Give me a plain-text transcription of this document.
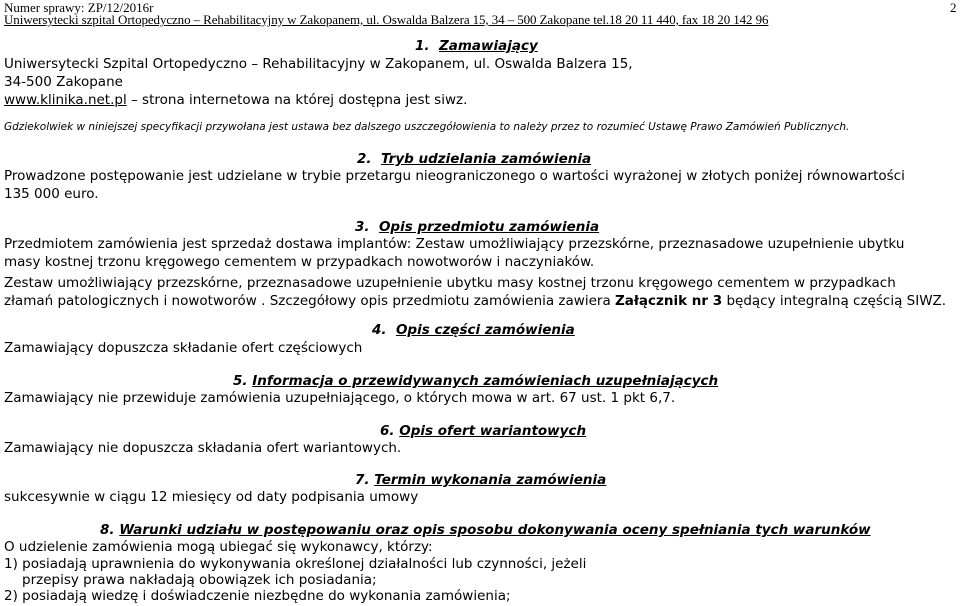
Numer sprawy: ZP/12/2016r	2
Uniwersytecki szpital Ortopedyczno – Rehabilitacyjny w Zakopanem, ul. Oswalda Balzera 15, 34 – 500 Zakopane tel.18 20 11 440, fax 18 20 142 96
1. Zamawiający
Uniwersytecki Szpital Ortopedyczno – Rehabilitacyjny w Zakopanem, ul. Oswalda Balzera 15,
34-500 Zakopane
www.klinika.net.pl – strona internetowa na której dostępna jest siwz.
Gdziekolwiek w niniejszej specyfikacji przywołana jest ustawa bez dalszego uszczegółowienia to należy przez to rozumieć Ustawę Prawo Zamówień Publicznych.
2. Tryb udzielania zamówienia
Prowadzone postępowanie jest udzielane w trybie przetargu nieograniczonego o wartości wyrażonej w złotych poniżej równowartości
135 000 euro.
3. Opis przedmiotu zamówienia
Przedmiotem zamówienia jest sprzedaż dostawa implantów: Zestaw umożliwiający przezskórne, przeznasadowe uzupełnienie ubytku
masy kostnej trzonu kręgowego cementem w przypadkach nowotworów i naczyniaków.
Zestaw umożliwiający przezskórne, przeznasadowe uzupełnienie ubytku masy kostnej trzonu kręgowego cementem w przypadkach
złamań patologicznych i nowotworów . Szczegółowy opis przedmiotu zamówienia zawiera Załącznik nr 3 będący integralną częścią SIWZ.
4. Opis części zamówienia
Zamawiający dopuszcza składanie ofert częściowych
5. Informacja o przewidywanych zamówieniach uzupełniających
Zamawiający nie przewiduje zamówienia uzupełniającego, o których mowa w art. 67 ust. 1 pkt 6,7.
6. Opis ofert wariantowych
Zamawiający nie dopuszcza składania ofert wariantowych.
7. Termin wykonania zamówienia
sukcesywnie w ciągu 12 miesięcy od daty podpisania umowy
8. Warunki udziału w postępowaniu oraz opis sposobu dokonywania oceny spełniania tych warunków
O udzielenie zamówienia mogą ubiegać się wykonawcy, którzy:
1) posiadają uprawnienia do wykonywania określonej działalności lub czynności, jeżeli
przepisy prawa nakładają obowiązek ich posiadania;
2) posiadają wiedzę i doświadczenie niezbędne do wykonania zamówienia;
